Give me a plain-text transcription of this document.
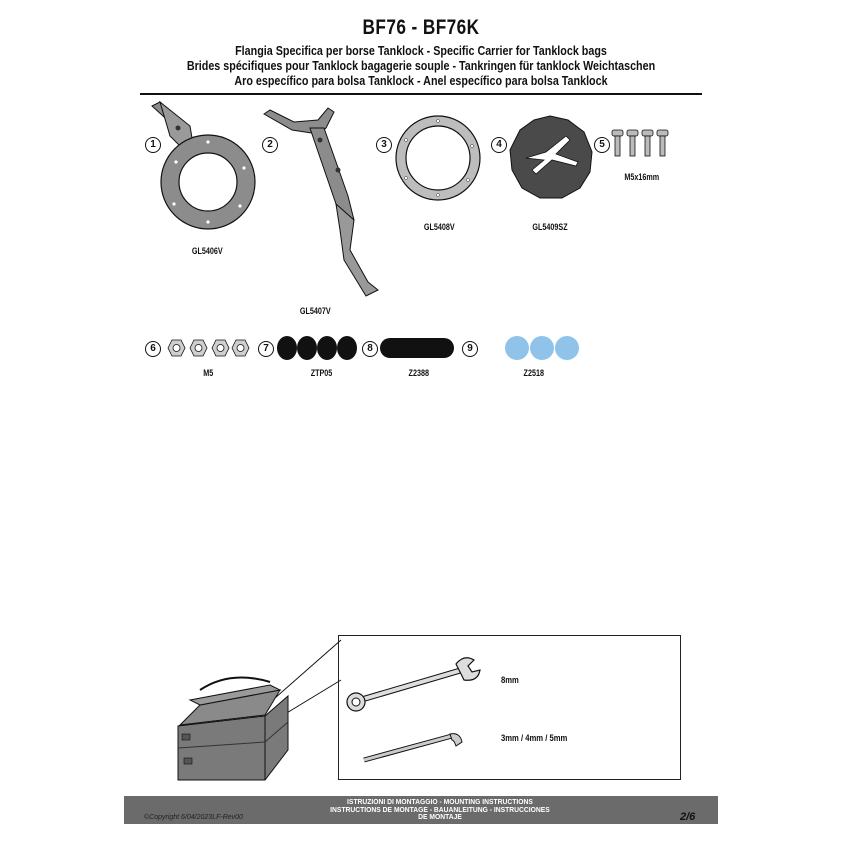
BF76 - BF76K
Flangia Specifica per borse Tanklock - Specific Carrier for Tanklock bags
Brides spécifiques pour Tanklock bagagerie souple - Tankringen für tanklock Weichtaschen
Aro específico para bolsa Tanklock - Anel específico para bolsa Tanklock
1
GL5406V
2
GL5407V
3
GL5408V
4
GL5409SZ
5
M5x16mm
6
M5
7
ZTP05
8
Z2388
9
Z2518
8mm
3mm / 4mm / 5mm
©Copyright 6/04/2023LF-Rev00
ISTRUZIONI DI MONTAGGIO - MOUNTING INSTRUCTIONS
INSTRUCTIONS DE MONTAGE - BAUANLEITUNG - INSTRUCCIONES
DE MONTAJE	2/6
